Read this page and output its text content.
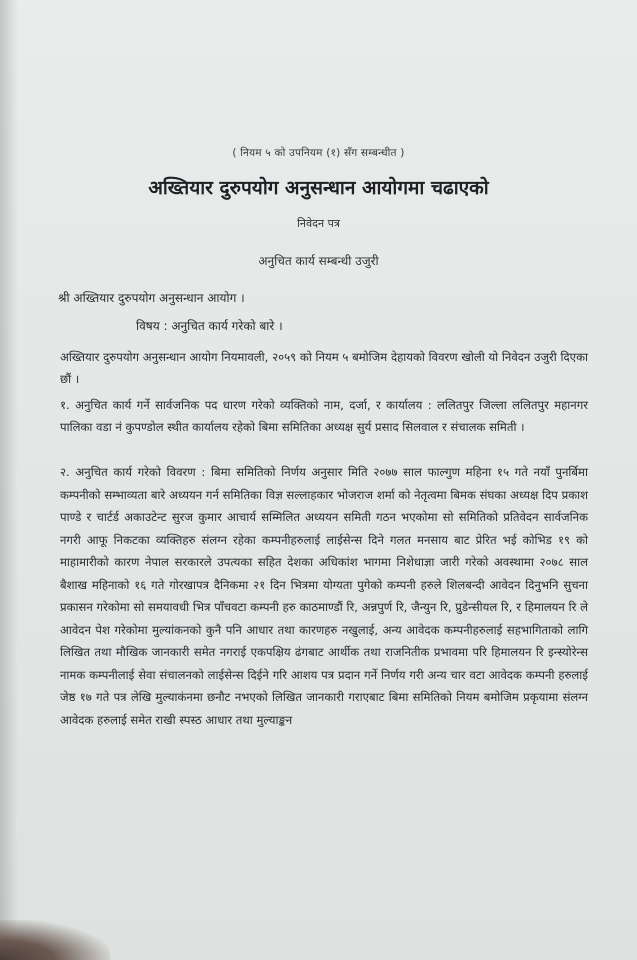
( नियम ५ को उपनियम (१) सँग सम्बन्धीत )
अख्तियार दुरुपयोग अनुसन्धान आयोगमा चढाएको
निवेदन पत्र
अनुचित कार्य सम्बन्धी उजुरी
श्री अख्तियार दुरुपयोग अनुसन्धान आयोग ।
विषय : अनुचित कार्य गरेको बारे ।
अख्तियार दुरुपयोग अनुसन्धान आयोग नियमावली, २०५९ को नियम ५ बमोजिम देहायको विवरण खोली यो निवेदन उजुरी दिएका छौं ।
१. अनुचित कार्य गर्ने सार्वजनिक पद धारण गरेको व्यक्तिको नाम, दर्जा, र कार्यालय : ललितपुर जिल्ला ललितपुर महानगर पालिका वडा नं कुपण्डोल स्थीत कार्यालय रहेको बिमा समितिका अध्यक्ष सुर्य प्रसाद सिलवाल र संचालक समिती ।
२. अनुचित कार्य गरेको विवरण : बिमा समितिको निर्णय अनुसार मिति २०७७ साल फाल्गुण महिना १५ गते नयाँ पुनर्बिमा कम्पनीको सम्भाव्यता बारे अध्ययन गर्न समितिका विज्ञ सल्लाहकार भोजराज शर्मा को नेतृत्वमा बिमक संघका अध्यक्ष दिप प्रकाश पाण्डे र चार्टर्ड अकाउटेन्ट सुरज कुमार आचार्य सम्मिलित अध्ययन समिती गठन भएकोमा सो समितिको प्रतिवेदन सार्वजनिक नगरी आफू निकटका व्यक्तिहरु संलग्न रहेका कम्पनीहरुलाई लाईसेन्स दिने गलत मनसाय बाट प्रेरित भई कोभिड १९ को माहामारीको कारण नेपाल सरकारले उपत्यका सहित देशका अधिकांश भागमा निशेधाज्ञा जारी गरेको अवस्थामा २०७८ साल बैशाख महिनाको १६ गते गोरखापत्र दैनिकमा २१ दिन भित्रमा योग्यता पुगेको कम्पनी हरुले शिलबन्दी आवेदन दिनुभनि सुचना प्रकासन गरेकोमा सो समयावधी भित्र पाँचवटा कम्पनी हरु काठमाण्डौं रि, अन्नपुर्ण रि, जैन्युन रि, प्रुडेन्सीयल रि, र हिमालयन रि ले आवेदन पेश गरेकोमा मुल्यांकनको कुनै पनि आधार तथा कारणहरु नखुलाई, अन्य आवेदक कम्पनीहरुलाई सहभागिताको लागि लिखित तथा मौखिक जानकारी समेत नगराई एकपक्षिय ढंगबाट आर्थीक तथा राजनितीक प्रभावमा परि हिमालयन रि इन्स्योरेन्स नामक कम्पनीलाई सेवा संचालनको लाईसेन्स दिईने गरि आशय पत्र प्रदान गर्ने निर्णय गरी अन्य चार वटा आवेदक कम्पनी हरुलाई जेष्ठ १७ गते पत्र लेखि मुल्याकंनमा छनौट नभएको लिखित जानकारी गराएबाट बिमा समितिको नियम बमोजिम प्रकृयामा संलग्न आवेदक हरुलाई समेत राखी स्पस्ठ आधार तथा मुल्याङ्कन
